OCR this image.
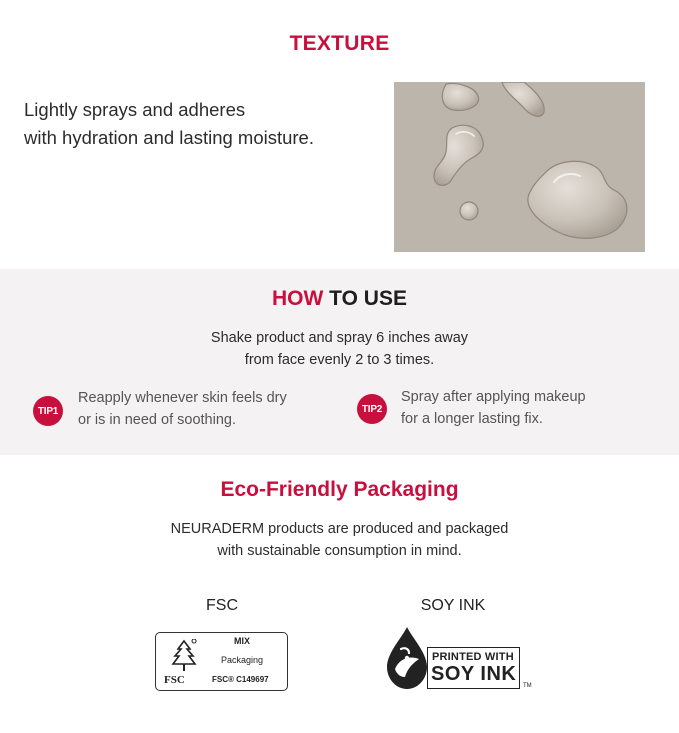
TEXTURE
Lightly sprays and adheres
with hydration and lasting moisture.
HOW TO USE
Shake product and spray 6 inches away
from face evenly 2 to 3 times.
TIP1
Reapply whenever skin feels dry
or is in need of soothing.
TIP2
Spray after applying makeup
for a longer lasting fix.
Eco-Friendly Packaging
NEURADERM products are produced and packaged
with sustainable consumption in mind.
FSC	SOY INK
MIX
Packaging
FSC	FSC® C149697
PRINTED WITH
SOY INK
TM
